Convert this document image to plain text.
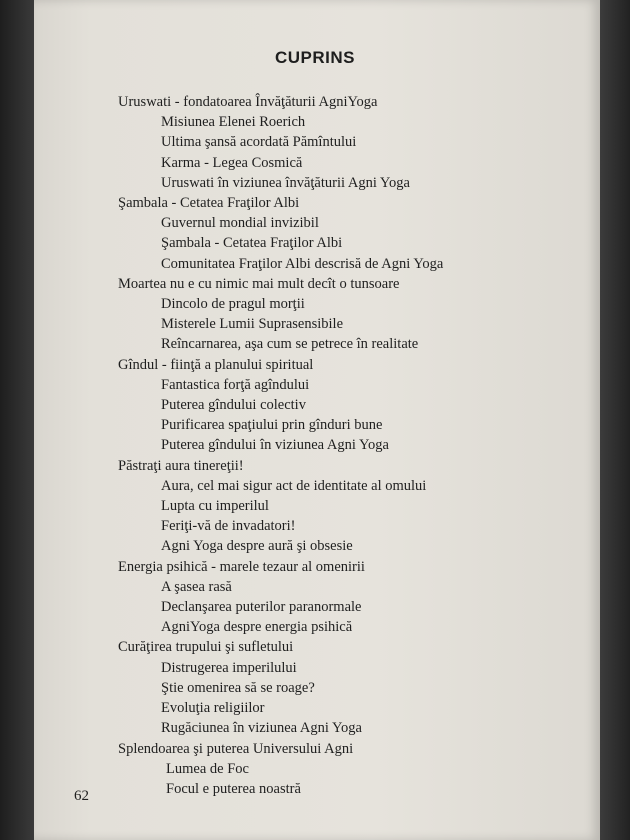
CUPRINS
Uruswati - fondatoarea Învăţăturii AgniYoga
Misiunea Elenei Roerich
Ultima şansă acordată Pămîntului
Karma - Legea Cosmică
Uruswati în viziunea învăţăturii Agni Yoga
Şambala - Cetatea Fraţilor Albi
Guvernul mondial invizibil
Şambala - Cetatea Fraţilor Albi
Comunitatea Fraţilor Albi descrisă de Agni Yoga
Moartea nu e cu nimic mai mult decît o tunsoare
Dincolo de pragul morţii
Misterele Lumii Suprasensibile
Reîncarnarea, aşa cum se petrece în realitate
Gîndul - fiinţă a planului spiritual
Fantastica forţă agîndului
Puterea gîndului colectiv
Purificarea spaţiului prin gînduri bune
Puterea gîndului în viziunea Agni Yoga
Păstraţi aura tinereţii!
Aura, cel mai sigur act de identitate al omului
Lupta cu imperilul
Feriţi-vă de invadatori!
Agni Yoga despre aură şi obsesie
Energia psihică - marele tezaur al omenirii
A şasea rasă
Declanşarea puterilor paranormale
AgniYoga despre energia psihică
Curăţirea trupului şi sufletului
Distrugerea imperilului
Ştie omenirea să se roage?
Evoluţia religiilor
Rugăciunea în viziunea Agni Yoga
Splendoarea şi puterea Universului Agni
Lumea de Foc
Focul e puterea noastră
62
